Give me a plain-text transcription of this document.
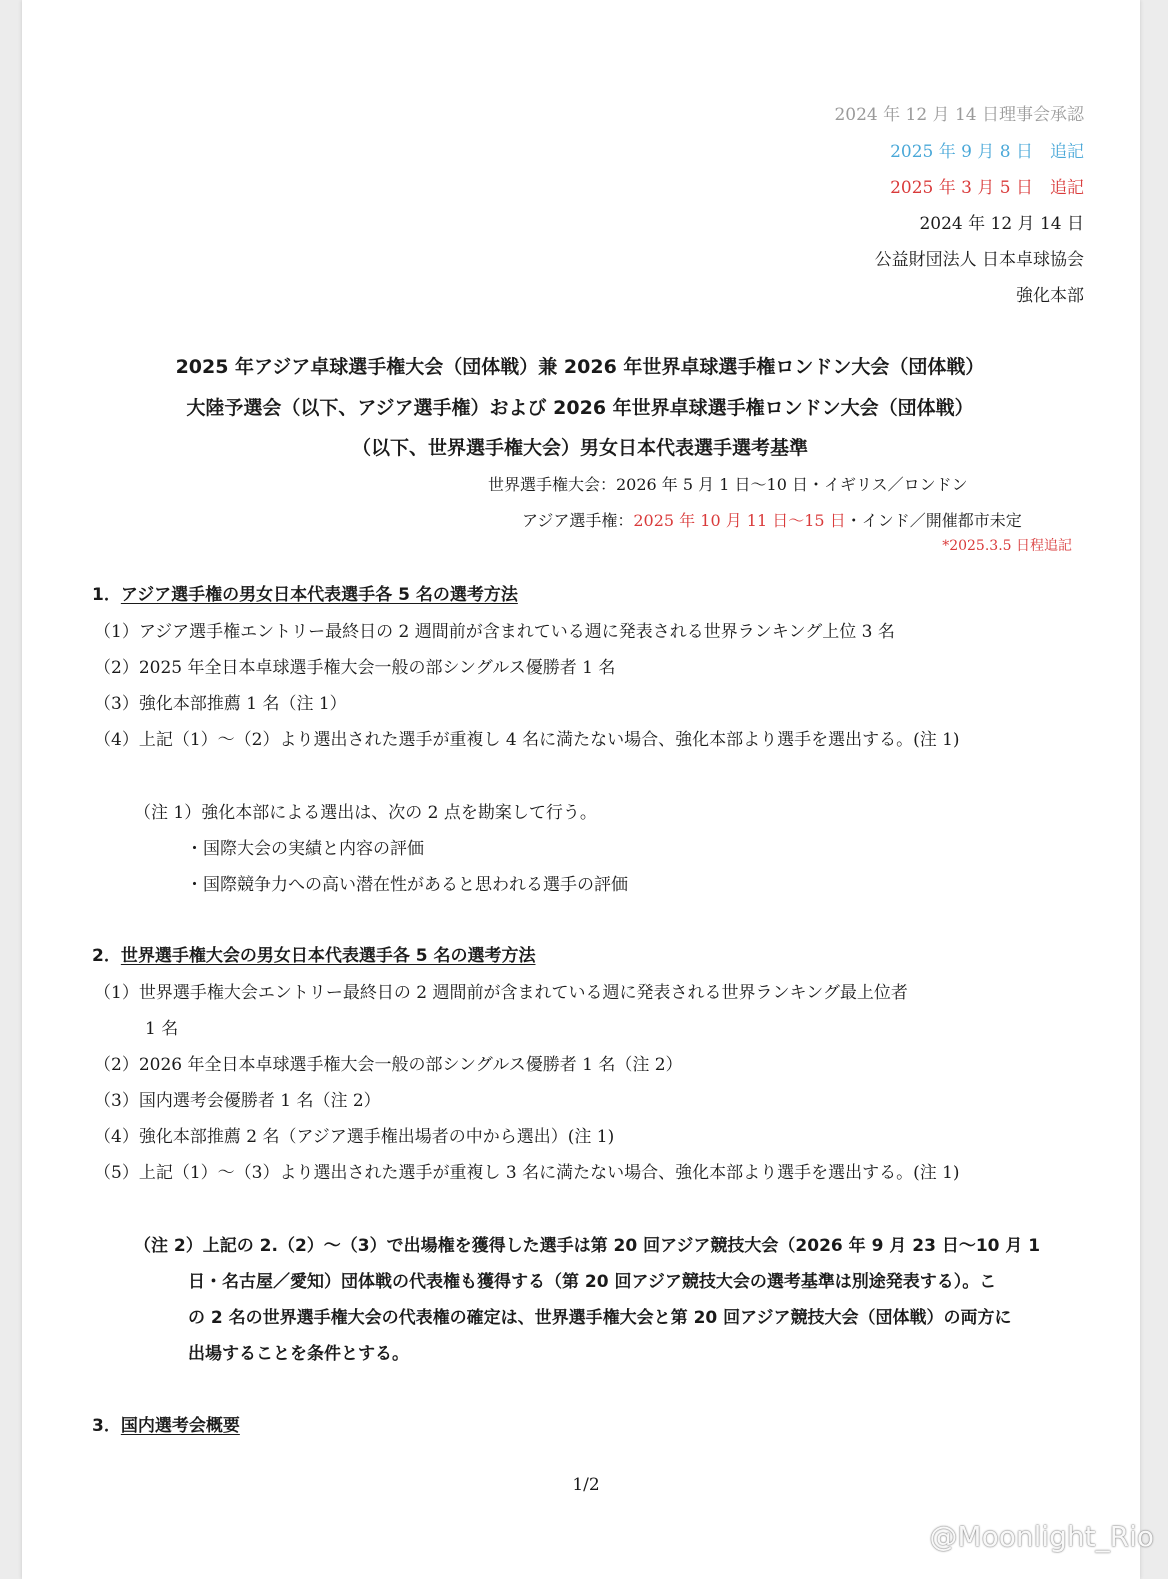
2024 年 12 月 14 日理事会承認
2025 年 9 月 8 日　追記
2025 年 3 月 5 日　追記
2024 年 12 月 14 日
公益財団法人 日本卓球協会
強化本部
2025 年アジア卓球選手権大会（団体戦）兼 2026 年世界卓球選手権ロンドン大会（団体戦）
大陸予選会（以下、アジア選手権）および 2026 年世界卓球選手権ロンドン大会（団体戦）
（以下、世界選手権大会）男女日本代表選手選考基準
世界選手権大会：2026 年 5 月 1 日〜10 日・イギリス／ロンドン
アジア選手権：2025 年 10 月 11 日〜15 日・インド／開催都市未定
*2025.3.5 日程追記
1．アジア選手権の男女日本代表選手各 5 名の選考方法
（1）アジア選手権エントリー最終日の 2 週間前が含まれている週に発表される世界ランキング上位 3 名
（2）2025 年全日本卓球選手権大会一般の部シングルス優勝者 1 名
（3）強化本部推薦 1 名（注 1）
（4）上記（1）〜（2）より選出された選手が重複し 4 名に満たない場合、強化本部より選手を選出する。(注 1)
（注 1）強化本部による選出は、次の 2 点を勘案して行う。
・国際大会の実績と内容の評価
・国際競争力への高い潜在性があると思われる選手の評価
2．世界選手権大会の男女日本代表選手各 5 名の選考方法
（1）世界選手権大会エントリー最終日の 2 週間前が含まれている週に発表される世界ランキング最上位者
1 名
（2）2026 年全日本卓球選手権大会一般の部シングルス優勝者 1 名（注 2）
（3）国内選考会優勝者 1 名（注 2）
（4）強化本部推薦 2 名（アジア選手権出場者の中から選出）(注 1)
（5）上記（1）〜（3）より選出された選手が重複し 3 名に満たない場合、強化本部より選手を選出する。(注 1)
（注 2）上記の 2.（2）〜（3）で出場権を獲得した選手は第 20 回アジア競技大会（2026 年 9 月 23 日〜10 月 1
日・名古屋／愛知）団体戦の代表権も獲得する（第 20 回アジア競技大会の選考基準は別途発表する）。こ
の 2 名の世界選手権大会の代表権の確定は、世界選手権大会と第 20 回アジア競技大会（団体戦）の両方に
出場することを条件とする。
3．国内選考会概要
1/2
@Moonlight_Rio
